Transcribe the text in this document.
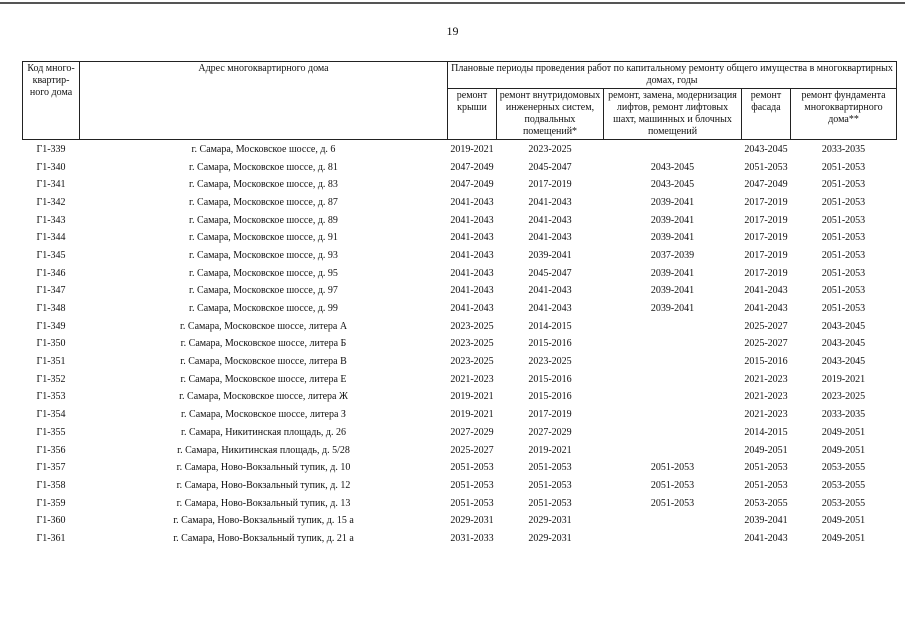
19
Код много-квартир-ного дома	Адрес многоквартирного дома	Плановые периоды проведения работ по капитальному ремонту общего имущества в многоквартирных домах, годы				
		ремонт крыши	ремонт внутридомовых инженерных систем, подвальных помещений*	ремонт, замена, модернизация лифтов, ремонт лифтовых шахт, машинных и блочных помещений	ремонт фасада	ремонт фундамента многоквартирного дома**
Г1-339	г. Самара, Московское шоссе, д. 6	2019-2021	2023-2025		2043-2045	2033-2035
Г1-340	г. Самара, Московское шоссе, д. 81	2047-2049	2045-2047	2043-2045	2051-2053	2051-2053
Г1-341	г. Самара, Московское шоссе, д. 83	2047-2049	2017-2019	2043-2045	2047-2049	2051-2053
Г1-342	г. Самара, Московское шоссе, д. 87	2041-2043	2041-2043	2039-2041	2017-2019	2051-2053
Г1-343	г. Самара, Московское шоссе, д. 89	2041-2043	2041-2043	2039-2041	2017-2019	2051-2053
Г1-344	г. Самара, Московское шоссе, д. 91	2041-2043	2041-2043	2039-2041	2017-2019	2051-2053
Г1-345	г. Самара, Московское шоссе, д. 93	2041-2043	2039-2041	2037-2039	2017-2019	2051-2053
Г1-346	г. Самара, Московское шоссе, д. 95	2041-2043	2045-2047	2039-2041	2017-2019	2051-2053
Г1-347	г. Самара, Московское шоссе, д. 97	2041-2043	2041-2043	2039-2041	2041-2043	2051-2053
Г1-348	г. Самара, Московское шоссе, д. 99	2041-2043	2041-2043	2039-2041	2041-2043	2051-2053
Г1-349	г. Самара, Московское шоссе, литера А	2023-2025	2014-2015		2025-2027	2043-2045
Г1-350	г. Самара, Московское шоссе, литера Б	2023-2025	2015-2016		2025-2027	2043-2045
Г1-351	г. Самара, Московское шоссе, литера В	2023-2025	2023-2025		2015-2016	2043-2045
Г1-352	г. Самара, Московское шоссе, литера Е	2021-2023	2015-2016		2021-2023	2019-2021
Г1-353	г. Самара, Московское шоссе, литера Ж	2019-2021	2015-2016		2021-2023	2023-2025
Г1-354	г. Самара, Московское шоссе, литера З	2019-2021	2017-2019		2021-2023	2033-2035
Г1-355	г. Самара, Никитинская площадь, д. 26	2027-2029	2027-2029		2014-2015	2049-2051
Г1-356	г. Самара, Никитинская площадь, д. 5/28	2025-2027	2019-2021		2049-2051	2049-2051
Г1-357	г. Самара, Ново-Вокзальный тупик, д. 10	2051-2053	2051-2053	2051-2053	2051-2053	2053-2055
Г1-358	г. Самара, Ново-Вокзальный тупик, д. 12	2051-2053	2051-2053	2051-2053	2051-2053	2053-2055
Г1-359	г. Самара, Ново-Вокзальный тупик, д. 13	2051-2053	2051-2053	2051-2053	2053-2055	2053-2055
Г1-360	г. Самара, Ново-Вокзальный тупик, д. 15 а	2029-2031	2029-2031		2039-2041	2049-2051
Г1-361	г. Самара, Ново-Вокзальный тупик, д. 21 а	2031-2033	2029-2031		2041-2043	2049-2051
